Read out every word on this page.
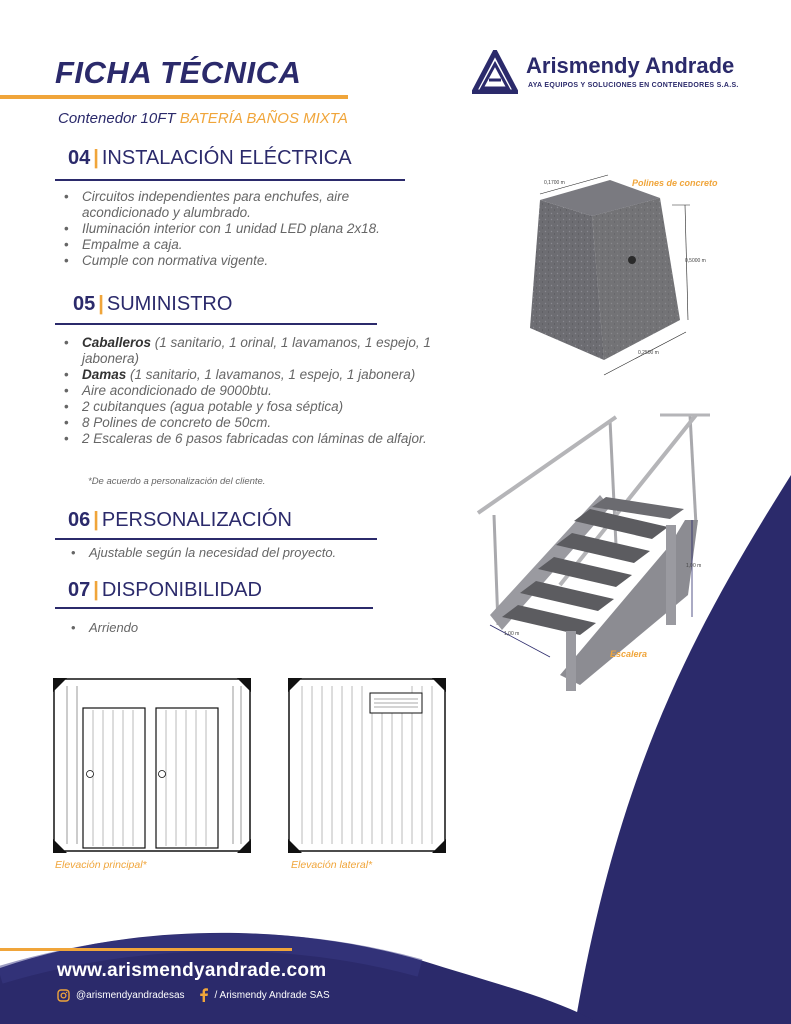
FICHA TÉCNICA
Contenedor 10FT BATERÍA BAÑOS MIXTA
Arismendy Andrade
AYA EQUIPOS Y SOLUCIONES EN CONTENEDORES S.A.S.
04 | INSTALACIÓN ELÉCTRICA
• Circuitos independientes para enchufes, aire acondicionado y alumbrado.
• Iluminación interior con 1 unidad LED plana 2x18.
• Empalme a caja.
• Cumple con normativa vigente.
05 | SUMINISTRO
• Caballeros (1 sanitario, 1 orinal, 1 lavamanos, 1 espejo, 1 jabonera)
• Damas (1 sanitario, 1 lavamanos, 1 espejo, 1 jabonera)
• Aire acondicionado de 9000btu.
• 2 cubitanques (agua potable y fosa séptica)
• 8 Polines de concreto de 50cm.
• 2 Escaleras de 6 pasos fabricadas con láminas de alfajor.
*De acuerdo a personalización del cliente.
06 | PERSONALIZACIÓN
• Ajustable según la necesidad del proyecto.
07 | DISPONIBILIDAD
• Arriendo
0,1700 m
0,5000 m
0,2500 m
Polines de concreto
1,00 m
1,00 m
Escalera
Elevación principal*	Elevación lateral*
www.arismendyandrade.com
@arismendyandradesas	/ Arismendy Andrade SAS
